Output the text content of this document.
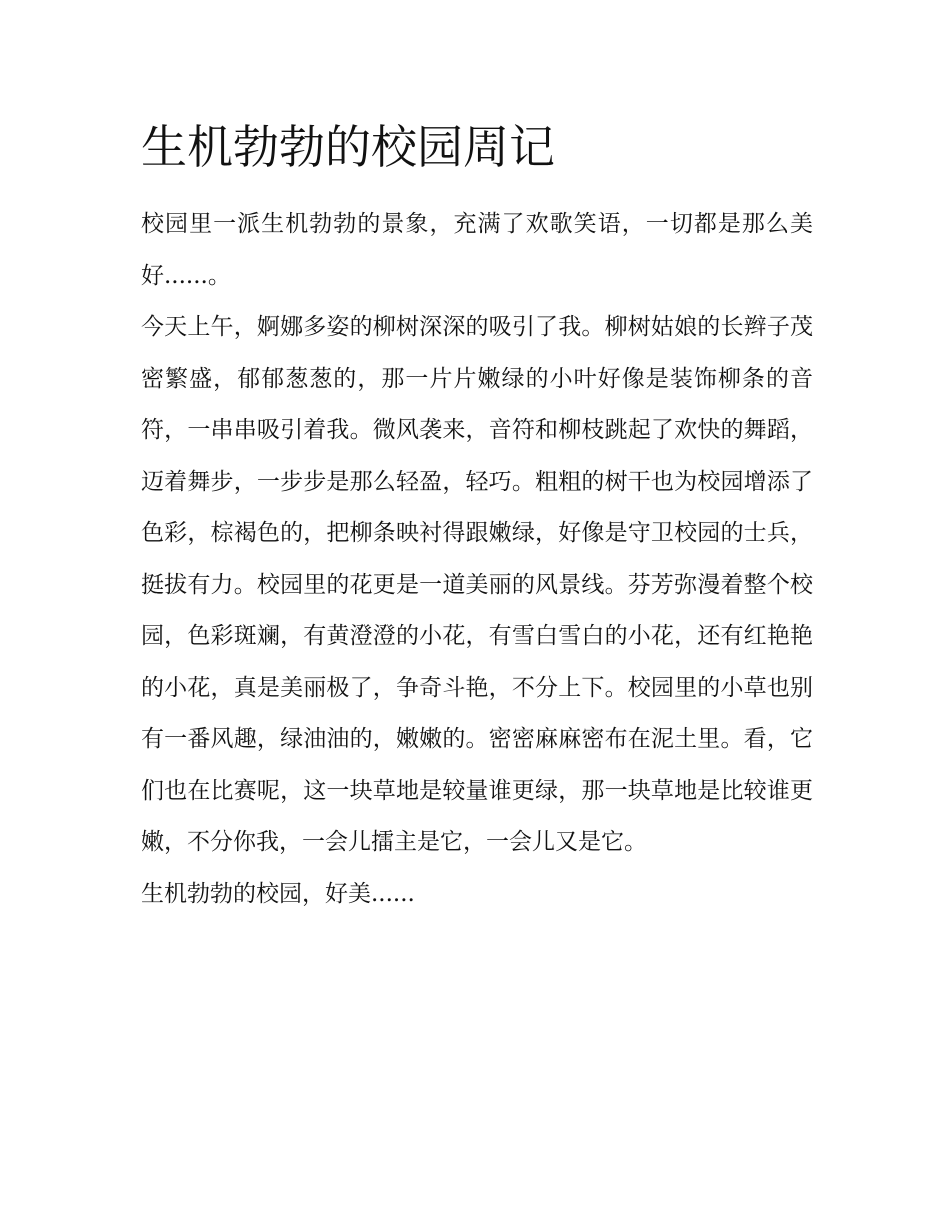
生机勃勃的校园周记

校园里一派生机勃勃的景象，充满了欢歌笑语，一切都是那么美好......。

今天上午，婀娜多姿的柳树深深的吸引了我。柳树姑娘的长辫子茂密繁盛，郁郁葱葱的，那一片片嫩绿的小叶好像是装饰柳条的音符，一串串吸引着我。微风袭来，音符和柳枝跳起了欢快的舞蹈，迈着舞步，一步步是那么轻盈，轻巧。粗粗的树干也为校园增添了色彩，棕褐色的，把柳条映衬得跟嫩绿，好像是守卫校园的士兵，挺拔有力。校园里的花更是一道美丽的风景线。芬芳弥漫着整个校园，色彩斑斓，有黄澄澄的小花，有雪白雪白的小花，还有红艳艳的小花，真是美丽极了，争奇斗艳，不分上下。校园里的小草也别有一番风趣，绿油油的，嫩嫩的。密密麻麻密布在泥土里。看，它们也在比赛呢，这一块草地是较量谁更绿，那一块草地是比较谁更嫩，不分你我，一会儿擂主是它，一会儿又是它。

生机勃勃的校园，好美......
